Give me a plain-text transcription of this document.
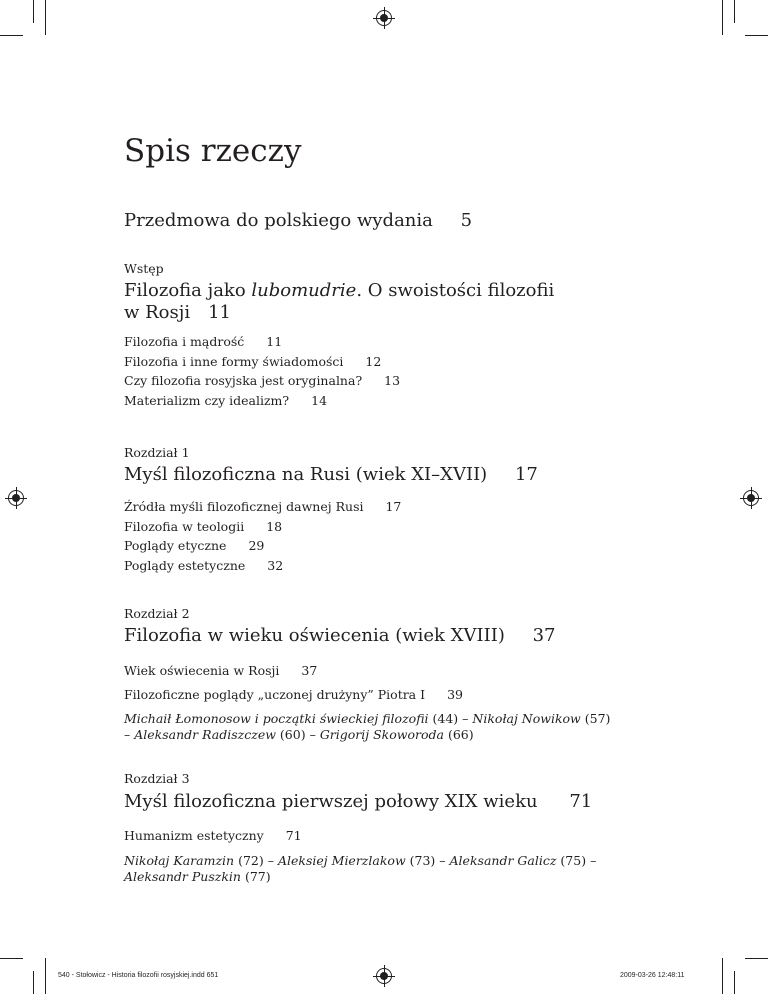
Spis rzeczy
Przedmowa do polskiego wydania 5
Wstęp
Filozofia jako lubomudrie. O swoistości filozofii
w Rosji 11
Filozofia i mądrość 11
Filozofia i inne formy świadomości 12
Czy filozofia rosyjska jest oryginalna? 13
Materializm czy idealizm? 14
Rozdział 1
Myśl filozoficzna na Rusi (wiek XI–XVII) 17
Źródła myśli filozoficznej dawnej Rusi 17
Filozofia w teologii 18
Poglądy etyczne 29
Poglądy estetyczne 32
Rozdział 2
Filozofia w wieku oświecenia (wiek XVIII) 37
Wiek oświecenia w Rosji 37
Filozoficzne poglądy „uczonej drużyny” Piotra I 39
Michaił Łomonosow i początki świeckiej filozofii (44) – Nikołaj Nowikow (57)
– Aleksandr Radiszczew (60) – Grigorij Skoworoda (66)
Rozdział 3
Myśl filozoficzna pierwszej połowy XIX wieku 71
Humanizm estetyczny 71
Nikołaj Karamzin (72) – Aleksiej Mierzlakow (73) – Aleksandr Galicz (75) –
Aleksandr Puszkin (77)
540 - Stołowicz - Historia filozofii rosyjskiej.indd 651	2009-03-26 12:48:11
